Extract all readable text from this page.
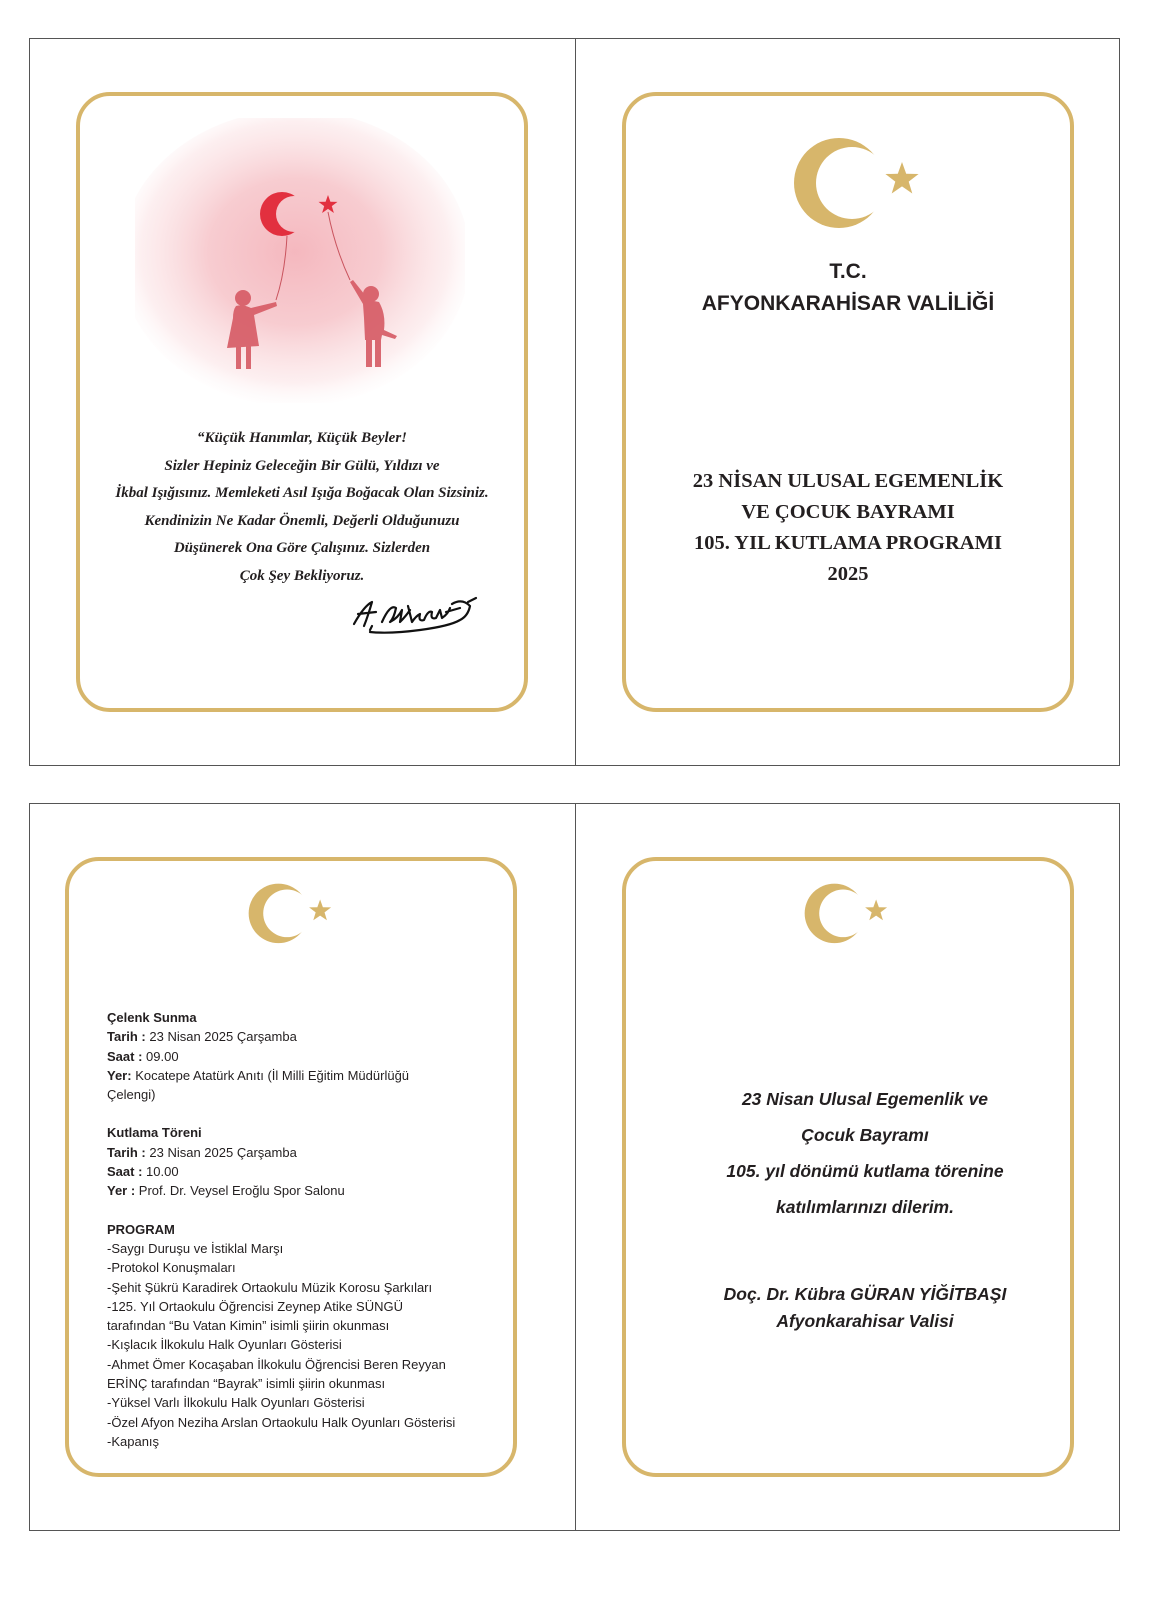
“Küçük Hanımlar, Küçük Beyler!
Sizler Hepiniz Geleceğin Bir Gülü, Yıldızı ve
İkbal Işığısınız. Memleketi Asıl Işığa Boğacak Olan Sizsiniz.
Kendinizin Ne Kadar Önemli, Değerli Olduğunuzu
Düşünerek Ona Göre Çalışınız. Sizlerden
Çok Şey Bekliyoruz.
T.C.
AFYONKARAHİSAR VALİLİĞİ
23 NİSAN ULUSAL EGEMENLİK
VE ÇOCUK BAYRAMI
105. YIL KUTLAMA PROGRAMI
2025
Çelenk Sunma
Tarih : 23 Nisan 2025 Çarşamba
Saat : 09.00
Yer: Kocatepe Atatürk Anıtı (İl Milli Eğitim Müdürlüğü Çelengi)
Kutlama Töreni
Tarih : 23 Nisan 2025 Çarşamba
Saat : 10.00
Yer : Prof. Dr. Veysel Eroğlu Spor Salonu
PROGRAM
-Saygı Duruşu ve İstiklal Marşı
-Protokol Konuşmaları
-Şehit Şükrü Karadirek Ortaokulu Müzik Korosu Şarkıları
-125. Yıl Ortaokulu Öğrencisi Zeynep Atike SÜNGÜ
tarafından “Bu Vatan Kimin” isimli şiirin okunması
-Kışlacık İlkokulu Halk Oyunları Gösterisi
-Ahmet Ömer Kocaşaban İlkokulu Öğrencisi Beren Reyyan
ERİNÇ tarafından “Bayrak” isimli şiirin okunması
-Yüksel Varlı İlkokulu Halk Oyunları Gösterisi
-Özel Afyon Neziha Arslan Ortaokulu Halk Oyunları Gösterisi
-Kapanış
23 Nisan Ulusal Egemenlik ve
Çocuk Bayramı
105. yıl dönümü kutlama törenine
katılımlarınızı dilerim.
Doç. Dr. Kübra GÜRAN YİĞİTBAŞI
Afyonkarahisar Valisi
